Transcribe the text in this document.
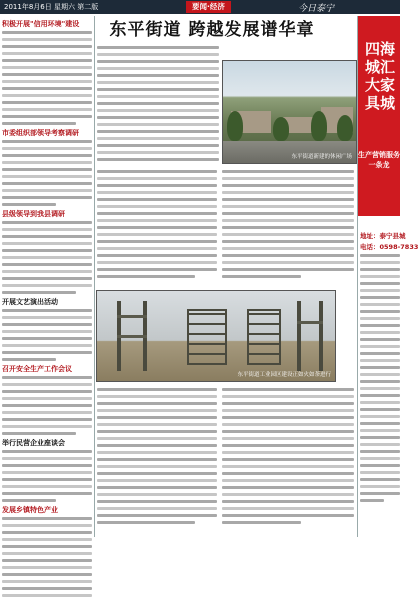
2011年8月6日 星期六 第二版	要闻·经济	今日泰宁
积极开展"信用环境"建设
市委组织部领导考察调研
县级领导到我县调研
开展文艺演出活动
召开安全生产工作会议
举行民营企业座谈会
发展乡镇特色产业
东平街道 跨越发展谱华章
东平街道新建的休闲广场
东平街道工业园区建设正如火如荼进行
四海城汇大家具城
生产营销服务一条龙
地址：泰宁县城
电话：0598-7833
